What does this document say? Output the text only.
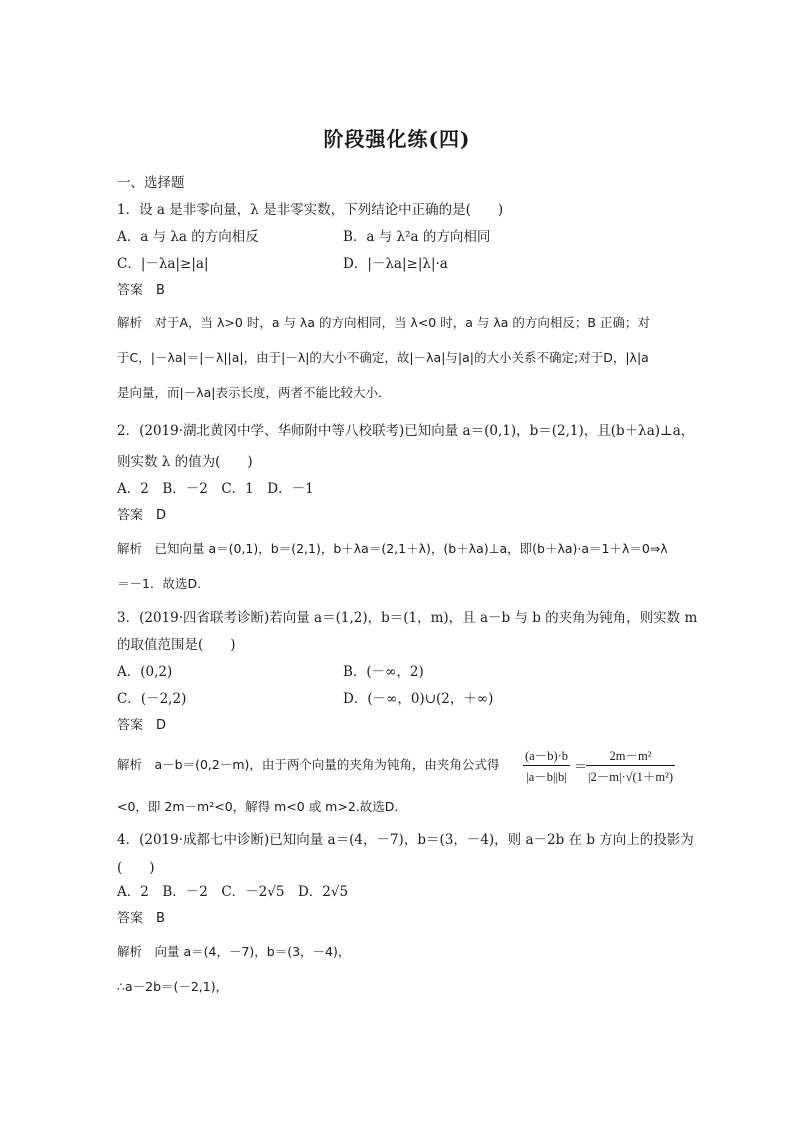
阶段强化练(四)
一、选择题
1．设 a 是非零向量，λ 是非零实数，下列结论中正确的是(　　)
A．a 与 λa 的方向相反	B．a 与 λ²a 的方向相同
C．|－λa|≥|a|	D．|－λa|≥|λ|·a
答案　B
解析　对于A，当 λ>0 时，a 与 λa 的方向相同，当 λ<0 时，a 与 λa 的方向相反；B 正确；对
于C，|－λa|＝|－λ||a|，由于|－λ|的大小不确定，故|－λa|与|a|的大小关系不确定;对于D，|λ|a
是向量，而|－λa|表示长度，两者不能比较大小．
2．(2019·湖北黄冈中学、华师附中等八校联考)已知向量 a＝(0,1)，b＝(2,1)，且(b＋λa)⊥a，
则实数 λ 的值为(　　)
A．2　B．－2　C．1　D．－1
答案　D
解析　已知向量 a＝(0,1)，b＝(2,1)，b＋λa＝(2,1＋λ)，(b＋λa)⊥a，即(b＋λa)·a＝1＋λ＝0⇒λ
＝－1．故选D.
3．(2019·四省联考诊断)若向量 a＝(1,2)，b＝(1，m)，且 a－b 与 b 的夹角为钝角，则实数 m
的取值范围是(　　)
A．(0,2)	B．(－∞，2)
C．(－2,2)	D．(－∞，0)∪(2，＋∞)
答案　D
解析　a－b＝(0,2－m)，由于两个向量的夹角为钝角，由夹角公式得
(a－b)·b
|a－b||b|
＝
2m－m²
|2－m|·√(1＋m²)
<0，即 2m－m²<0，解得 m<0 或 m>2.故选D.
4．(2019·成都七中诊断)已知向量 a＝(4，－7)，b＝(3，－4)，则 a－2b 在 b 方向上的投影为
(　　)
A．2　B．－2　C．－2√5　D．2√5
答案　B
解析　向量 a＝(4，－7)，b＝(3，－4)，
∴a－2b＝(－2,1)，
